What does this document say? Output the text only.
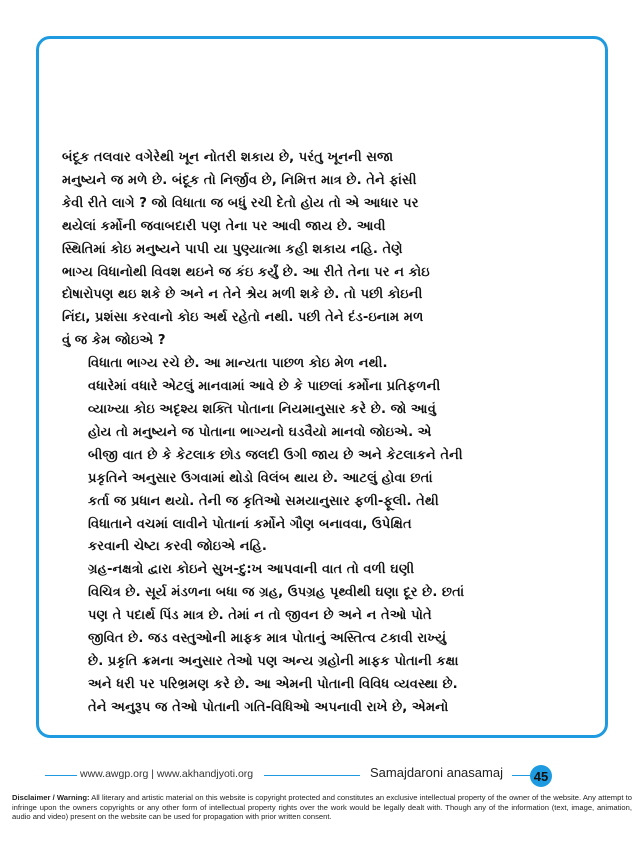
બંદૂક તલવાર વગેરેથી ખૂન નોતરી શકાય છે, પરંતુ ખૂનની સજા
મનુષ્યને જ મળે છે. બંદૂક તો નિર્જીવ છે, નિમિત્ત માત્ર છે. તેને ફાંસી
કેવી રીતે લાગે ? જો વિધાતા જ બધું રચી દેતો હોય તો એ આધાર પર
થયેલાં કર્મોની જવાબદારી પણ તેના પર આવી જાય છે. આવી
સ્થિતિમાં કોઇ મનુષ્યને પાપી યા પુણ્યાત્મા કહી શકાય નહિ. તેણે
ભાગ્ય વિધાનોથી વિવશ થઇને જ કંઇ કર્યું છે. આ રીતે તેના પર ન કોઇ
દોષારોપણ થઇ શકે છે અને ન તેને શ્રેય મળી શકે છે. તો પછી કોઇની
નિંદા, પ્રશંસા કરવાનો કોઇ અર્થ રહેતો નથી. પછી તેને દંડ-ઇનામ મળ
વું જ કેમ જોઇએ ?

વિધાતા ભાગ્ય રચે છે. આ માન્યતા પાછળ કોઇ મેળ નથી.
વધારેમાં વધારે એટલું માનવામાં આવે છે કે પાછલાં કર્મોના પ્રતિફળની
વ્યાખ્યા કોઇ અદૃશ્ય શક્તિ પોતાના નિયમાનુસાર કરે છે. જો આવું
હોય તો મનુષ્યને જ પોતાના ભાગ્યનો ઘડવૈયો માનવો જોઇએ. એ
બીજી વાત છે કે કેટલાક છોડ જલદી ઉગી જાય છે અને કેટલાકને તેની
પ્રકૃતિને અનુસાર ઉગવામાં થોડો વિલંબ થાય છે. આટલું હોવા છતાં
કર્તા જ પ્રધાન થયો. તેની જ કૃતિઓ સમયાનુસાર ફળી-ફૂલી. તેથી
વિધાતાને વચમાં લાવીને પોતાનાં કર્મોને ગૌણ બનાવવા, ઉપેક્ષિત
કરવાની ચેષ્ટા કરવી જોઇએ નહિ.

ગ્રહ-નક્ષત્રો દ્વારા કોઇને સુખ-દુ:ખ આપવાની વાત તો વળી ઘણી
વિચિત્ર છે. સૂર્ય મંડળના બધા જ ગ્રહ, ઉપગ્રહ પૃથ્વીથી ઘણા દૂર છે. છતાં
પણ તે પદાર્થ પિંડ માત્ર છે. તેમાં ન તો જીવન છે અને ન તેઓ પોતે
જીવિત છે. જડ વસ્તુઓની માફક માત્ર પોતાનું અસ્તિત્વ ટકાવી રાખ્યું
છે. પ્રકૃતિ ક્રમના અનુસાર તેઓ પણ અન્ય ગ્રહોની માફક પોતાની કક્ષા
અને ધરી પર પરિભ્રમણ કરે છે. આ એમની પોતાની વિવિધ વ્યવસ્થા છે.
તેને અનુરૂપ જ તેઓ પોતાની ગતિ-વિધિઓ અપનાવી રાખે છે, એમનો

www.awgp.org | www.akhandjyoti.org	Samajdaroni anasamaj 45
Disclaimer / Warning: All literary and artistic material on this website is copyright protected and constitutes an exclusive intellectual property of the owner of the website. Any attempt to infringe upon the owners copyrights or any other form of intellectual property rights over the work would be legally dealt with. Though any of the information (text, image, animation, audio and video) present on the website can be used for propagation with prior written consent.
